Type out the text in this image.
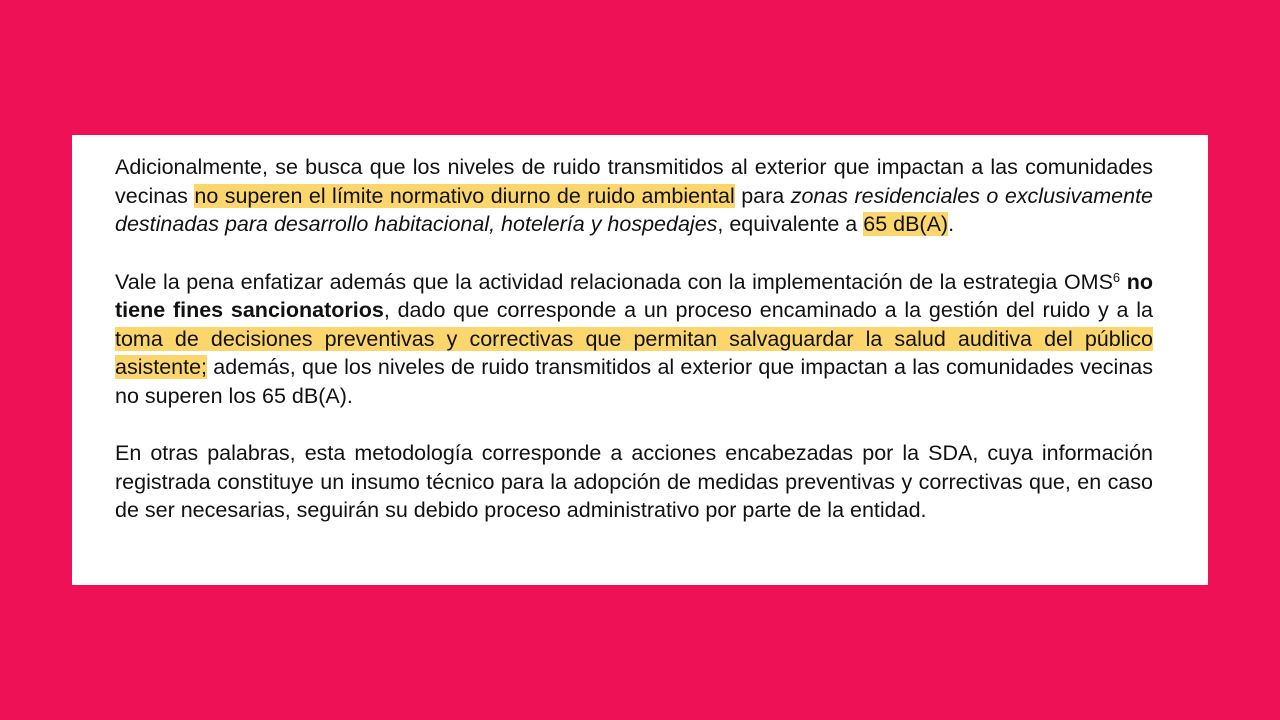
Adicionalmente, se busca que los niveles de ruido transmitidos al exterior que impactan a las comunidades vecinas no superen el límite normativo diurno de ruido ambiental para zonas residenciales o exclusivamente destinadas para desarrollo habitacional, hotelería y hospedajes, equivalente a 65 dB(A).

Vale la pena enfatizar además que la actividad relacionada con la implementación de la estrategia OMS$^6$ no tiene fines sancionatorios, dado que corresponde a un proceso encaminado a la gestión del ruido y a la toma de decisiones preventivas y correctivas que permitan salvaguardar la salud auditiva del público asistente; además, que los niveles de ruido transmitidos al exterior que impactan a las comunidades vecinas no superen los 65 dB(A).

En otras palabras, esta metodología corresponde a acciones encabezadas por la SDA, cuya información registrada constituye un insumo técnico para la adopción de medidas preventivas y correctivas que, en caso de ser necesarias, seguirán su debido proceso administrativo por parte de la entidad.
